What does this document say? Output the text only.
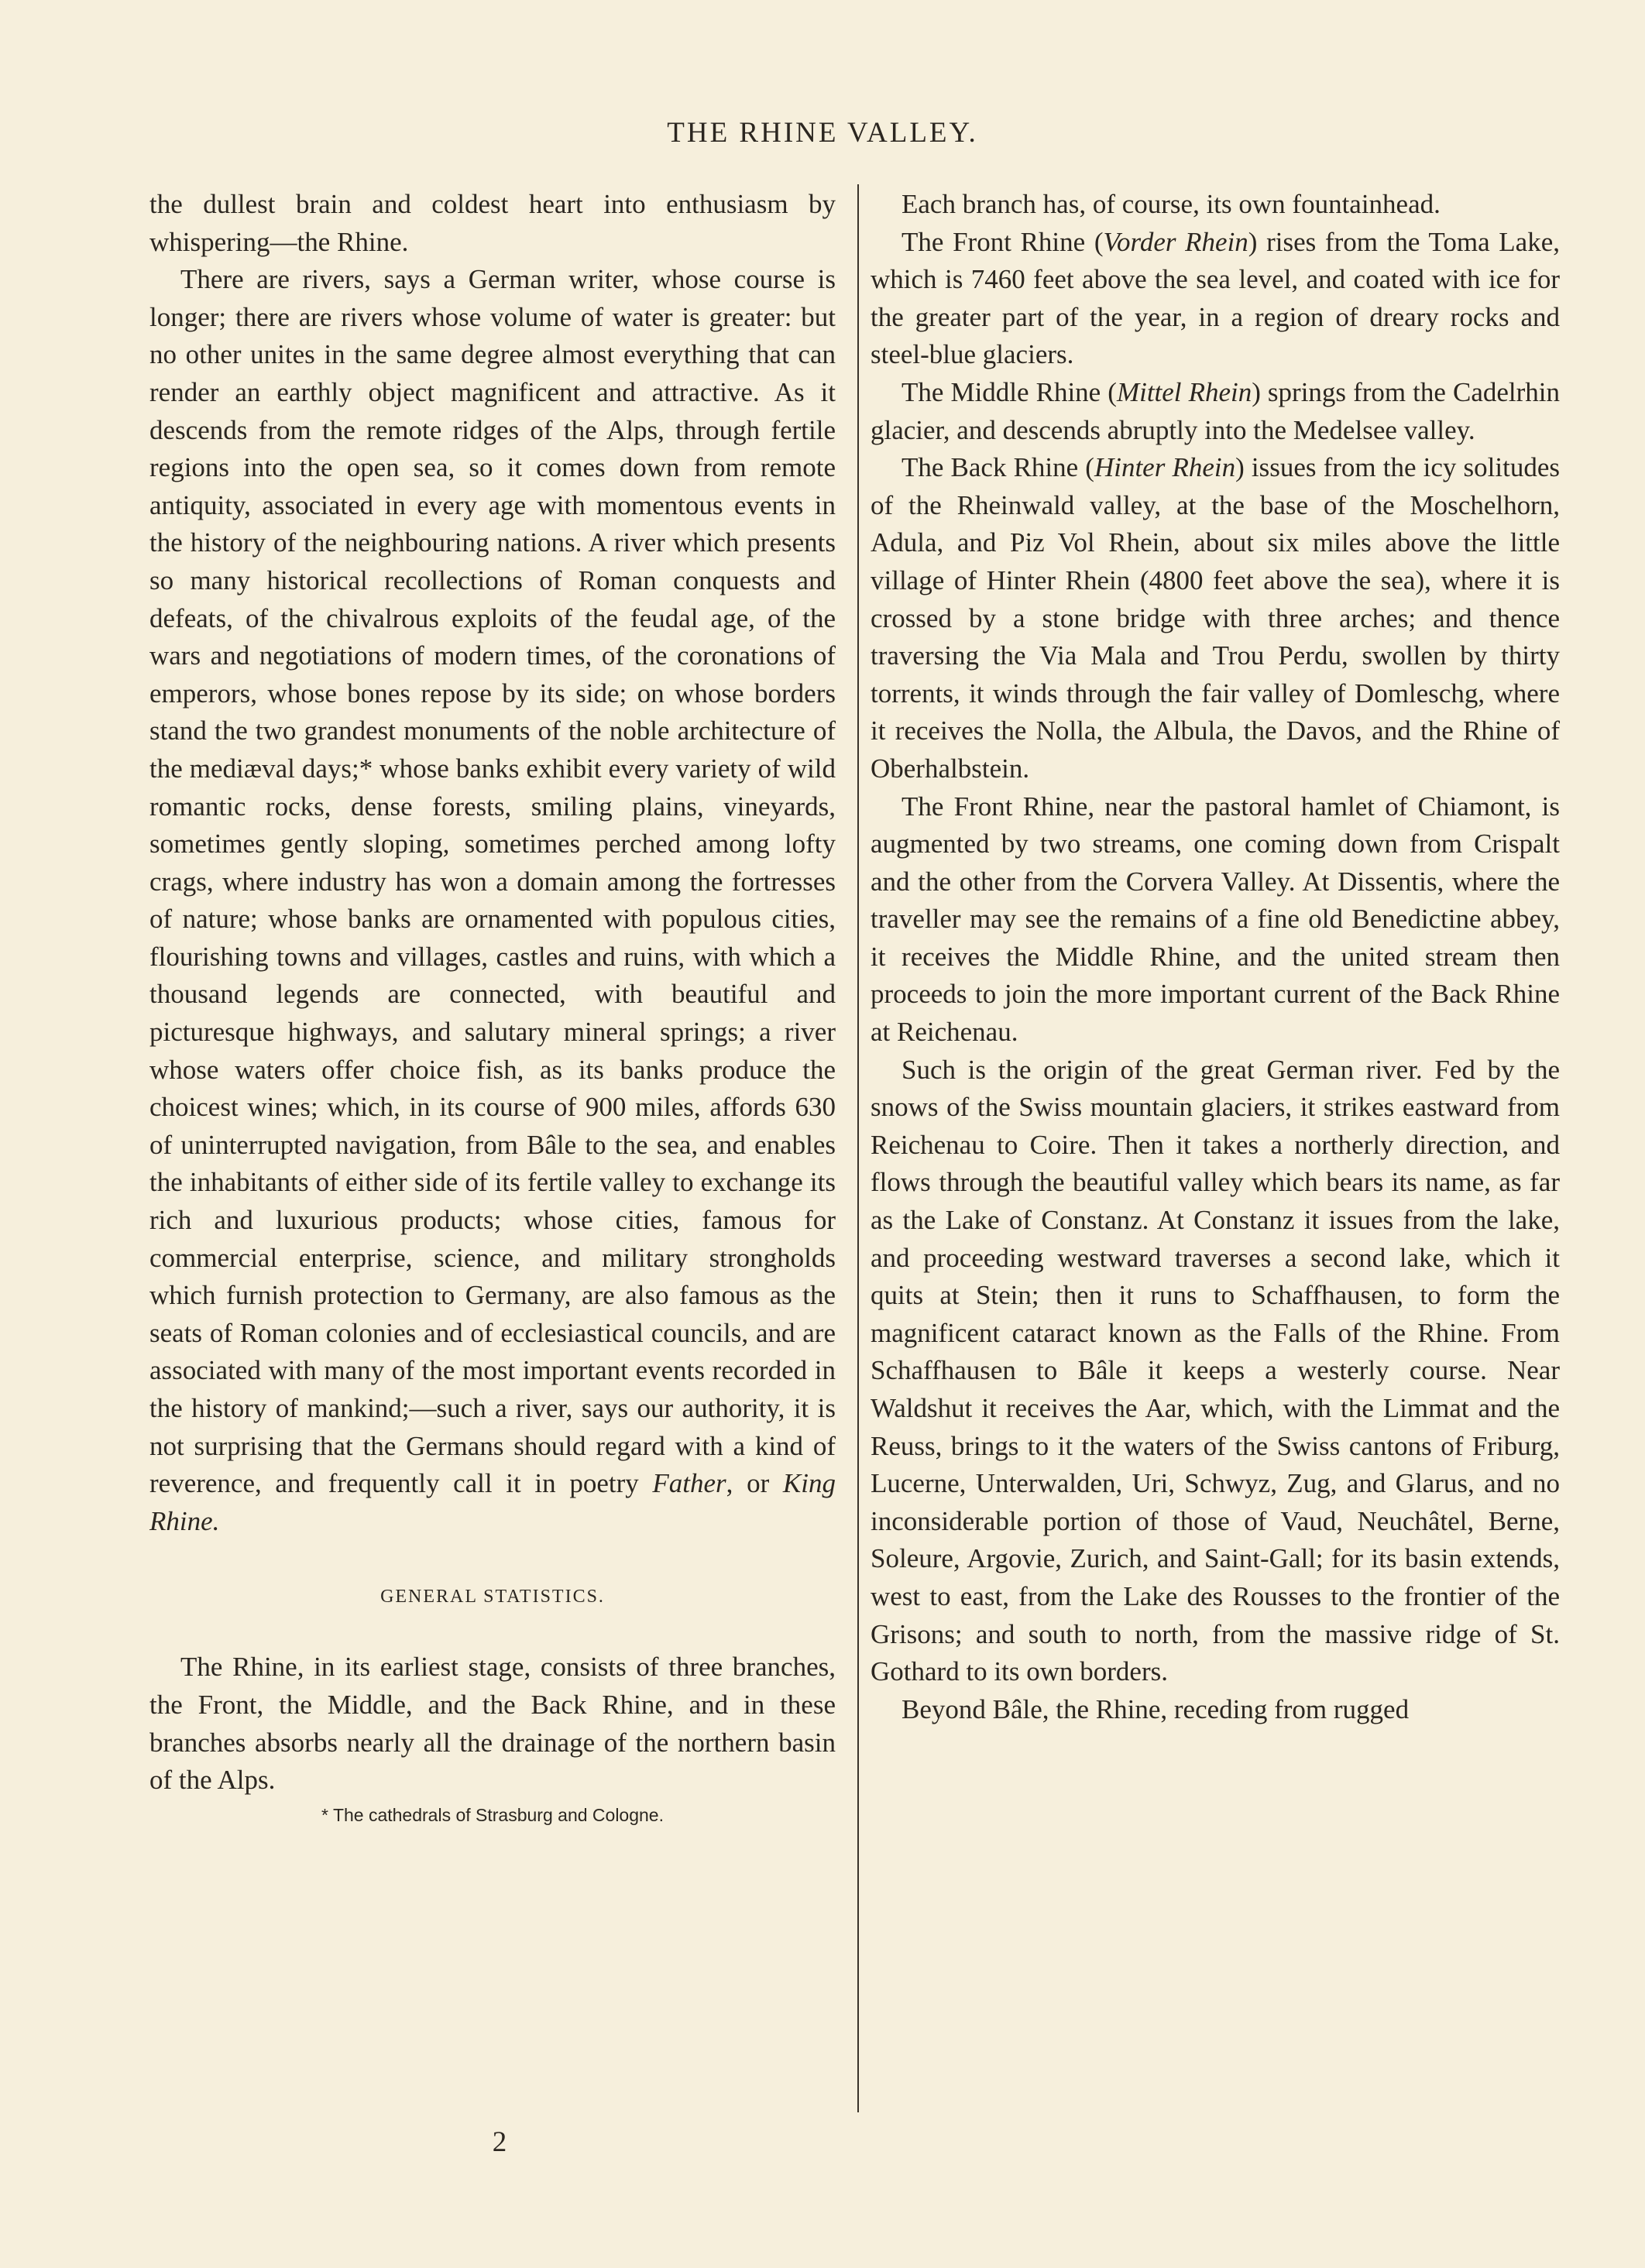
THE RHINE VALLEY.

the dullest brain and coldest heart into enthusiasm by whispering—the Rhine.

There are rivers, says a German writer, whose course is longer; there are rivers whose volume of water is greater: but no other unites in the same degree almost everything that can render an earthly object magnificent and attractive. As it descends from the remote ridges of the Alps, through fertile regions into the open sea, so it comes down from remote antiquity, associated in every age with momentous events in the history of the neighbouring nations. A river which presents so many historical recollections of Roman conquests and defeats, of the chivalrous exploits of the feudal age, of the wars and negotiations of modern times, of the coronations of emperors, whose bones repose by its side; on whose borders stand the two grandest monuments of the noble architecture of the mediæval days;* whose banks exhibit every variety of wild romantic rocks, dense forests, smiling plains, vineyards, sometimes gently sloping, sometimes perched among lofty crags, where industry has won a domain among the fortresses of nature; whose banks are ornamented with populous cities, flourishing towns and villages, castles and ruins, with which a thousand legends are connected, with beautiful and picturesque highways, and salutary mineral springs; a river whose waters offer choice fish, as its banks produce the choicest wines; which, in its course of 900 miles, affords 630 of uninterrupted navigation, from Bâle to the sea, and enables the inhabitants of either side of its fertile valley to exchange its rich and luxurious products; whose cities, famous for commercial enterprise, science, and military strongholds which furnish protection to Germany, are also famous as the seats of Roman colonies and of ecclesiastical councils, and are associated with many of the most important events recorded in the history of mankind;—such a river, says our authority, it is not surprising that the Germans should regard with a kind of reverence, and frequently call it in poetry Father, or King Rhine.

GENERAL STATISTICS.

The Rhine, in its earliest stage, consists of three branches, the Front, the Middle, and the Back Rhine, and in these branches absorbs nearly all the drainage of the northern basin of the Alps.

* The cathedrals of Strasburg and Cologne.

Each branch has, of course, its own fountainhead.

The Front Rhine (Vorder Rhein) rises from the Toma Lake, which is 7460 feet above the sea level, and coated with ice for the greater part of the year, in a region of dreary rocks and steel-blue glaciers.

The Middle Rhine (Mittel Rhein) springs from the Cadelrhin glacier, and descends abruptly into the Medelsee valley.

The Back Rhine (Hinter Rhein) issues from the icy solitudes of the Rheinwald valley, at the base of the Moschelhorn, Adula, and Piz Vol Rhein, about six miles above the little village of Hinter Rhein (4800 feet above the sea), where it is crossed by a stone bridge with three arches; and thence traversing the Via Mala and Trou Perdu, swollen by thirty torrents, it winds through the fair valley of Domleschg, where it receives the Nolla, the Albula, the Davos, and the Rhine of Oberhalbstein.

The Front Rhine, near the pastoral hamlet of Chiamont, is augmented by two streams, one coming down from Crispalt and the other from the Corvera Valley. At Dissentis, where the traveller may see the remains of a fine old Benedictine abbey, it receives the Middle Rhine, and the united stream then proceeds to join the more important current of the Back Rhine at Reichenau.

Such is the origin of the great German river. Fed by the snows of the Swiss mountain glaciers, it strikes eastward from Reichenau to Coire. Then it takes a northerly direction, and flows through the beautiful valley which bears its name, as far as the Lake of Constanz. At Constanz it issues from the lake, and proceeding westward traverses a second lake, which it quits at Stein; then it runs to Schaffhausen, to form the magnificent cataract known as the Falls of the Rhine. From Schaffhausen to Bâle it keeps a westerly course. Near Waldshut it receives the Aar, which, with the Limmat and the Reuss, brings to it the waters of the Swiss cantons of Friburg, Lucerne, Unterwalden, Uri, Schwyz, Zug, and Glarus, and no inconsiderable portion of those of Vaud, Neuchâtel, Berne, Soleure, Argovie, Zurich, and Saint-Gall; for its basin extends, west to east, from the Lake des Rousses to the frontier of the Grisons; and south to north, from the massive ridge of St. Gothard to its own borders.

Beyond Bâle, the Rhine, receding from rugged

2
